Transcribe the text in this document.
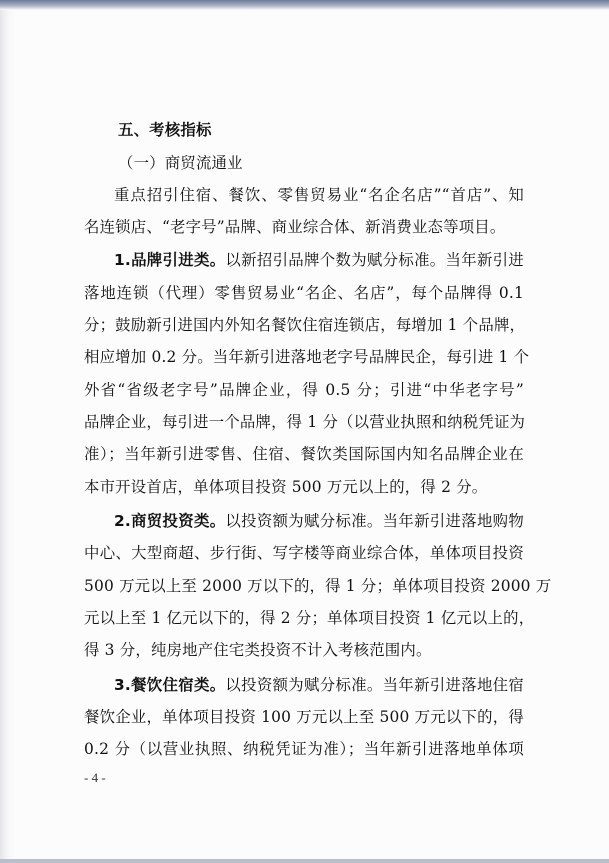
五、考核指标
（一）商贸流通业
重点招引住宿、餐饮、零售贸易业“名企名店”“首店”、知
名连锁店、“老字号”品牌、商业综合体、新消费业态等项目。
1.品牌引进类。以新招引品牌个数为赋分标准。当年新引进
落地连锁（代理）零售贸易业“名企、名店”，每个品牌得 0.1
分；鼓励新引进国内外知名餐饮住宿连锁店，每增加 1 个品牌，
相应增加 0.2 分。当年新引进落地老字号品牌民企，每引进 1 个
外省“省级老字号”品牌企业，得 0.5 分；引进“中华老字号”
品牌企业，每引进一个品牌，得 1 分（以营业执照和纳税凭证为
准）；当年新引进零售、住宿、餐饮类国际国内知名品牌企业在
本市开设首店，单体项目投资 500 万元以上的，得 2 分。
2.商贸投资类。以投资额为赋分标准。当年新引进落地购物
中心、大型商超、步行街、写字楼等商业综合体，单体项目投资
500 万元以上至 2000 万以下的，得 1 分；单体项目投资 2000 万
元以上至 1 亿元以下的，得 2 分；单体项目投资 1 亿元以上的，
得 3 分，纯房地产住宅类投资不计入考核范围内。
3.餐饮住宿类。以投资额为赋分标准。当年新引进落地住宿
餐饮企业，单体项目投资 100 万元以上至 500 万元以下的，得
0.2 分（以营业执照、纳税凭证为准）；当年新引进落地单体项
- 4 -
